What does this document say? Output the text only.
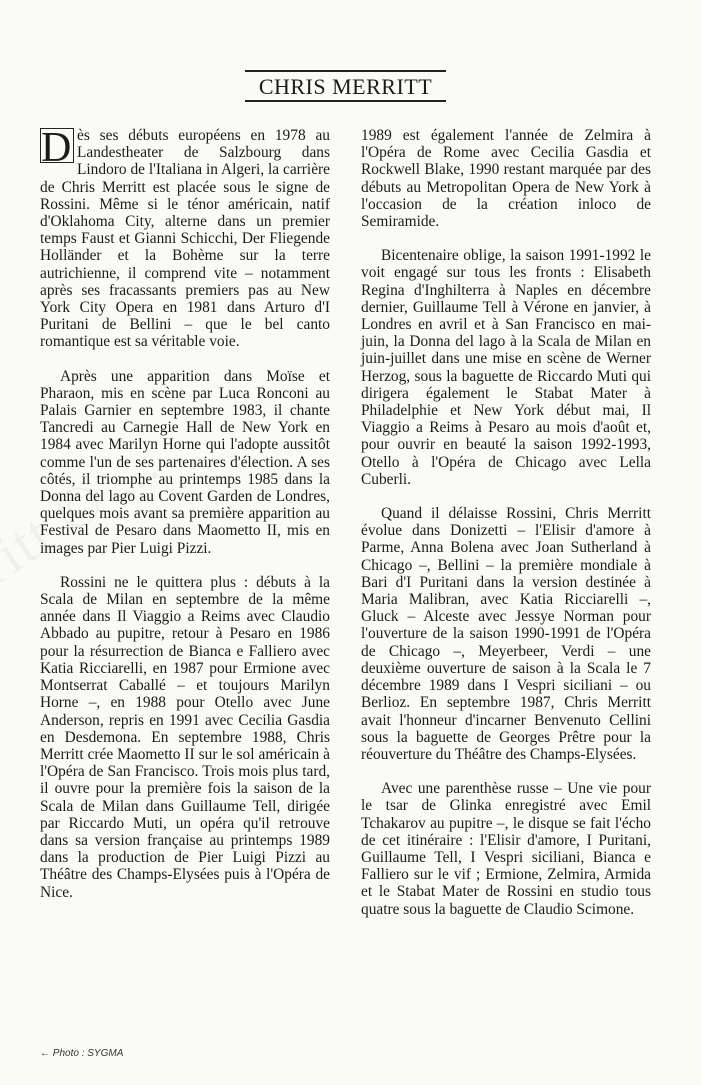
CHRIS MERRITT

D ès ses débuts européens en 1978 au Landestheater de Salzbourg dans Lindoro de l'Italiana in Algeri, la carrière de Chris Merritt est placée sous le signe de Rossini. Même si le ténor américain, natif d'Oklahoma City, alterne dans un premier temps Faust et Gianni Schicchi, Der Fliegende Holländer et la Bohème sur la terre autrichienne, il comprend vite – notamment après ses fracassants premiers pas au New York City Opera en 1981 dans Arturo d'I Puritani de Bellini – que le bel canto romantique est sa véritable voie.

Après une apparition dans Moïse et Pharaon, mis en scène par Luca Ronconi au Palais Garnier en septembre 1983, il chante Tancredi au Carnegie Hall de New York en 1984 avec Marilyn Horne qui l'adopte aussitôt comme l'un de ses partenaires d'élection. A ses côtés, il triomphe au printemps 1985 dans la Donna del lago au Covent Garden de Londres, quelques mois avant sa première apparition au Festival de Pesaro dans Maometto II, mis en images par Pier Luigi Pizzi.

Rossini ne le quittera plus : débuts à la Scala de Milan en septembre de la même année dans Il Viaggio a Reims avec Claudio Abbado au pupitre, retour à Pesaro en 1986 pour la résurrection de Bianca e Falliero avec Katia Ricciarelli, en 1987 pour Ermione avec Montserrat Caballé – et toujours Marilyn Horne –, en 1988 pour Otello avec June Anderson, repris en 1991 avec Cecilia Gasdia en Desdemona. En septembre 1988, Chris Merritt crée Maometto II sur le sol américain à l'Opéra de San Francisco. Trois mois plus tard, il ouvre pour la première fois la saison de la Scala de Milan dans Guillaume Tell, dirigée par Riccardo Muti, un opéra qu'il retrouve dans sa version française au printemps 1989 dans la production de Pier Luigi Pizzi au Théâtre des Champs-Elysées puis à l'Opéra de Nice.

1989 est également l'année de Zelmira à l'Opéra de Rome avec Cecilia Gasdia et Rockwell Blake, 1990 restant marquée par des débuts au Metropolitan Opera de New York à l'occasion de la création inloco de Semiramide.

Bicentenaire oblige, la saison 1991-1992 le voit engagé sur tous les fronts : Elisabeth Regina d'Inghilterra à Naples en décembre dernier, Guillaume Tell à Vérone en janvier, à Londres en avril et à San Francisco en mai-juin, la Donna del lago à la Scala de Milan en juin-juillet dans une mise en scène de Werner Herzog, sous la baguette de Riccardo Muti qui dirigera également le Stabat Mater à Philadelphie et New York début mai, Il Viaggio a Reims à Pesaro au mois d'août et, pour ouvrir en beauté la saison 1992-1993, Otello à l'Opéra de Chicago avec Lella Cuberli.

Quand il délaisse Rossini, Chris Merritt évolue dans Donizetti – l'Elisir d'amore à Parme, Anna Bolena avec Joan Sutherland à Chicago –, Bellini – la première mondiale à Bari d'I Puritani dans la version destinée à Maria Malibran, avec Katia Ricciarelli –, Gluck – Alceste avec Jessye Norman pour l'ouverture de la saison 1990-1991 de l'Opéra de Chicago –, Meyerbeer, Verdi – une deuxième ouverture de saison à la Scala le 7 décembre 1989 dans I Vespri siciliani – ou Berlioz. En septembre 1987, Chris Merritt avait l'honneur d'incarner Benvenuto Cellini sous la baguette de Georges Prêtre pour la réouverture du Théâtre des Champs-Elysées.

Avec une parenthèse russe – Une vie pour le tsar de Glinka enregistré avec Emil Tchakarov au pupitre –, le disque se fait l'écho de cet itinéraire : l'Elisir d'amore, I Puritani, Guillaume Tell, I Vespri siciliani, Bianca e Falliero sur le vif ; Ermione, Zelmira, Armida et le Stabat Mater de Rossini en studio tous quatre sous la baguette de Claudio Scimone.

← Photo : SYGMA
